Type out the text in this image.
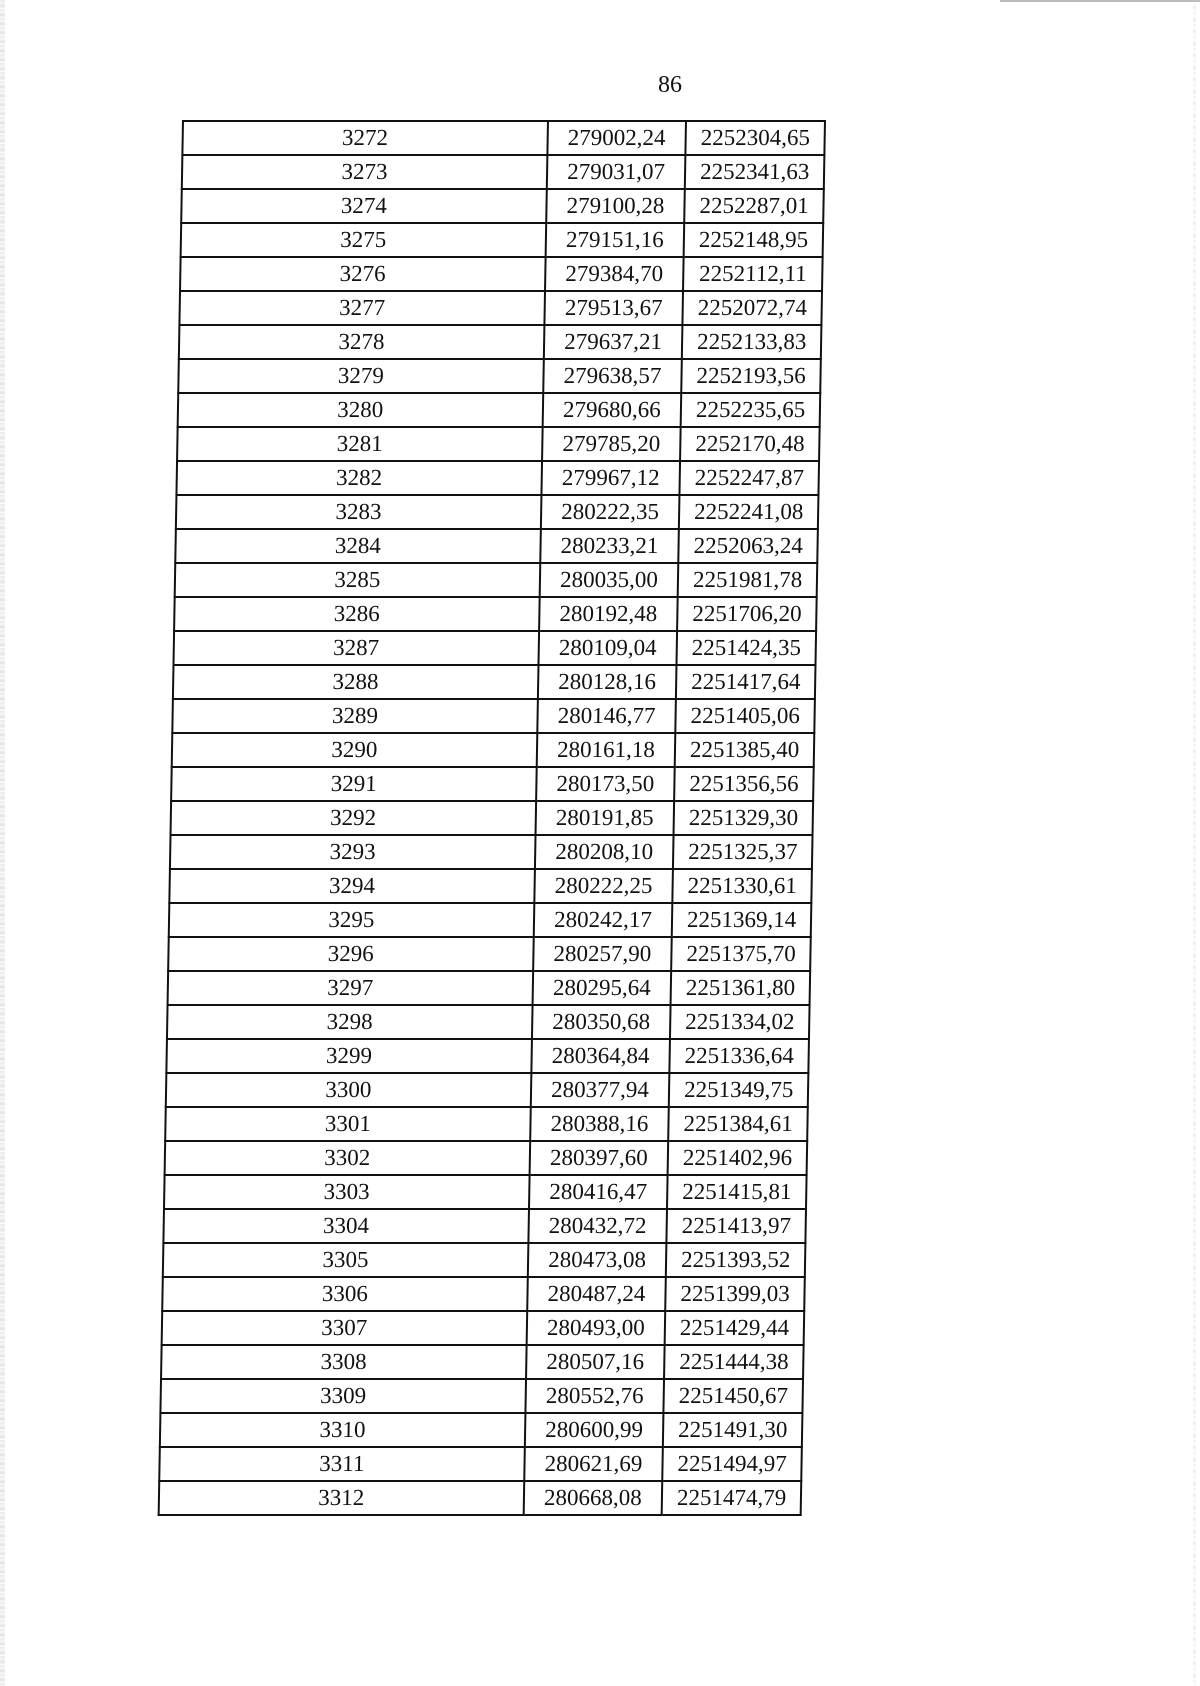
86
3272	279002,24	2252304,65
3273	279031,07	2252341,63
3274	279100,28	2252287,01
3275	279151,16	2252148,95
3276	279384,70	2252112,11
3277	279513,67	2252072,74
3278	279637,21	2252133,83
3279	279638,57	2252193,56
3280	279680,66	2252235,65
3281	279785,20	2252170,48
3282	279967,12	2252247,87
3283	280222,35	2252241,08
3284	280233,21	2252063,24
3285	280035,00	2251981,78
3286	280192,48	2251706,20
3287	280109,04	2251424,35
3288	280128,16	2251417,64
3289	280146,77	2251405,06
3290	280161,18	2251385,40
3291	280173,50	2251356,56
3292	280191,85	2251329,30
3293	280208,10	2251325,37
3294	280222,25	2251330,61
3295	280242,17	2251369,14
3296	280257,90	2251375,70
3297	280295,64	2251361,80
3298	280350,68	2251334,02
3299	280364,84	2251336,64
3300	280377,94	2251349,75
3301	280388,16	2251384,61
3302	280397,60	2251402,96
3303	280416,47	2251415,81
3304	280432,72	2251413,97
3305	280473,08	2251393,52
3306	280487,24	2251399,03
3307	280493,00	2251429,44
3308	280507,16	2251444,38
3309	280552,76	2251450,67
3310	280600,99	2251491,30
3311	280621,69	2251494,97
3312	280668,08	2251474,79
